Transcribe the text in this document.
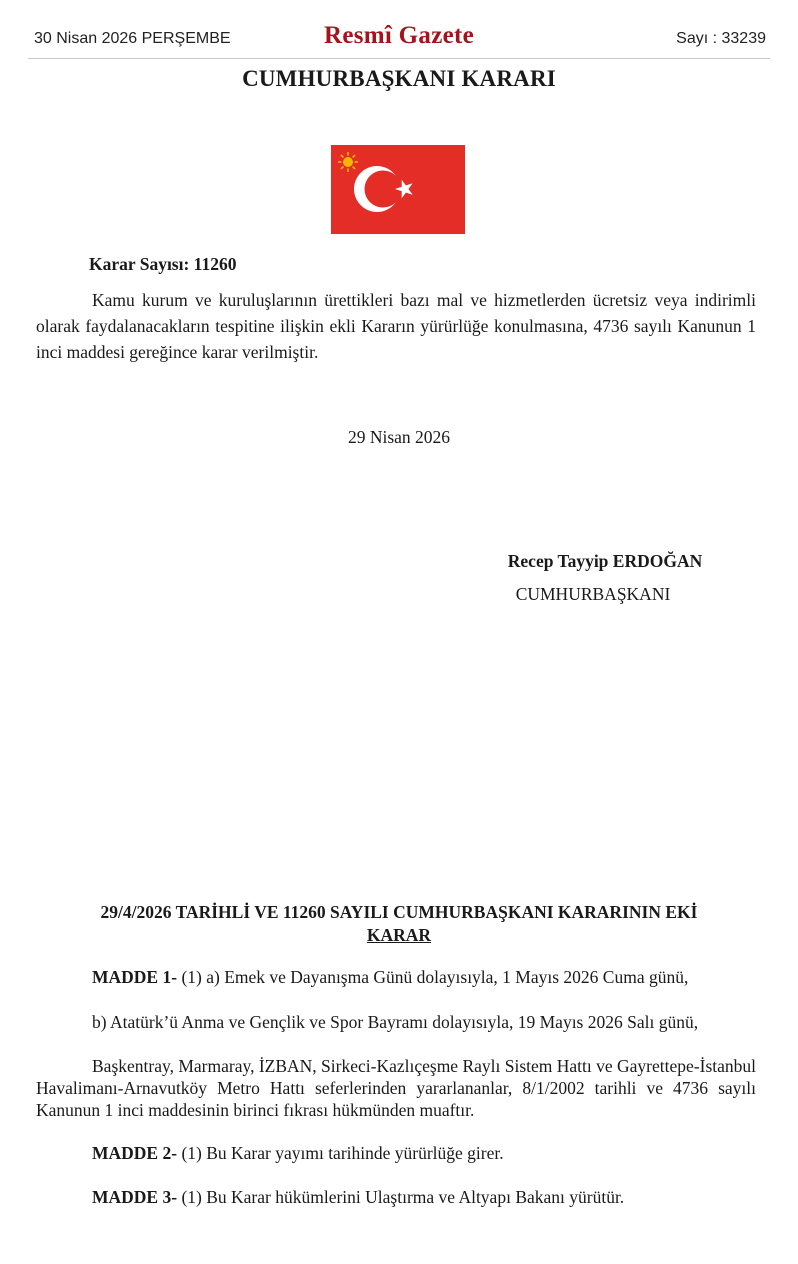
30 Nisan 2026 PERŞEMBE	Resmî Gazete	Sayı : 33239
CUMHURBAŞKANI KARARI
Karar Sayısı: 11260

Kamu kurum ve kuruluşlarının ürettikleri bazı mal ve hizmetlerden ücretsiz veya indirimli olarak faydalanacakların tespitine ilişkin ekli Kararın yürürlüğe konulmasına, 4736 sayılı Kanunun 1 inci maddesi gereğince karar verilmiştir.

29 Nisan 2026
Recep Tayyip ERDOĞAN
CUMHURBAŞKANI
29/4/2026 TARİHLİ VE 11260 SAYILI CUMHURBAŞKANI KARARININ EKİ
KARAR
MADDE 1- (1) a) Emek ve Dayanışma Günü dolayısıyla, 1 Mayıs 2026 Cuma günü,
b) Atatürk’ü Anma ve Gençlik ve Spor Bayramı dolayısıyla, 19 Mayıs 2026 Salı günü,
Başkentray, Marmaray, İZBAN, Sirkeci-Kazlıçeşme Raylı Sistem Hattı ve Gayrettepe-İstanbul Havalimanı-Arnavutköy Metro Hattı seferlerinden yararlananlar, 8/1/2002 tarihli ve 4736 sayılı Kanunun 1 inci maddesinin birinci fıkrası hükmünden muaftır.
MADDE 2- (1) Bu Karar yayımı tarihinde yürürlüğe girer.
MADDE 3- (1) Bu Karar hükümlerini Ulaştırma ve Altyapı Bakanı yürütür.
